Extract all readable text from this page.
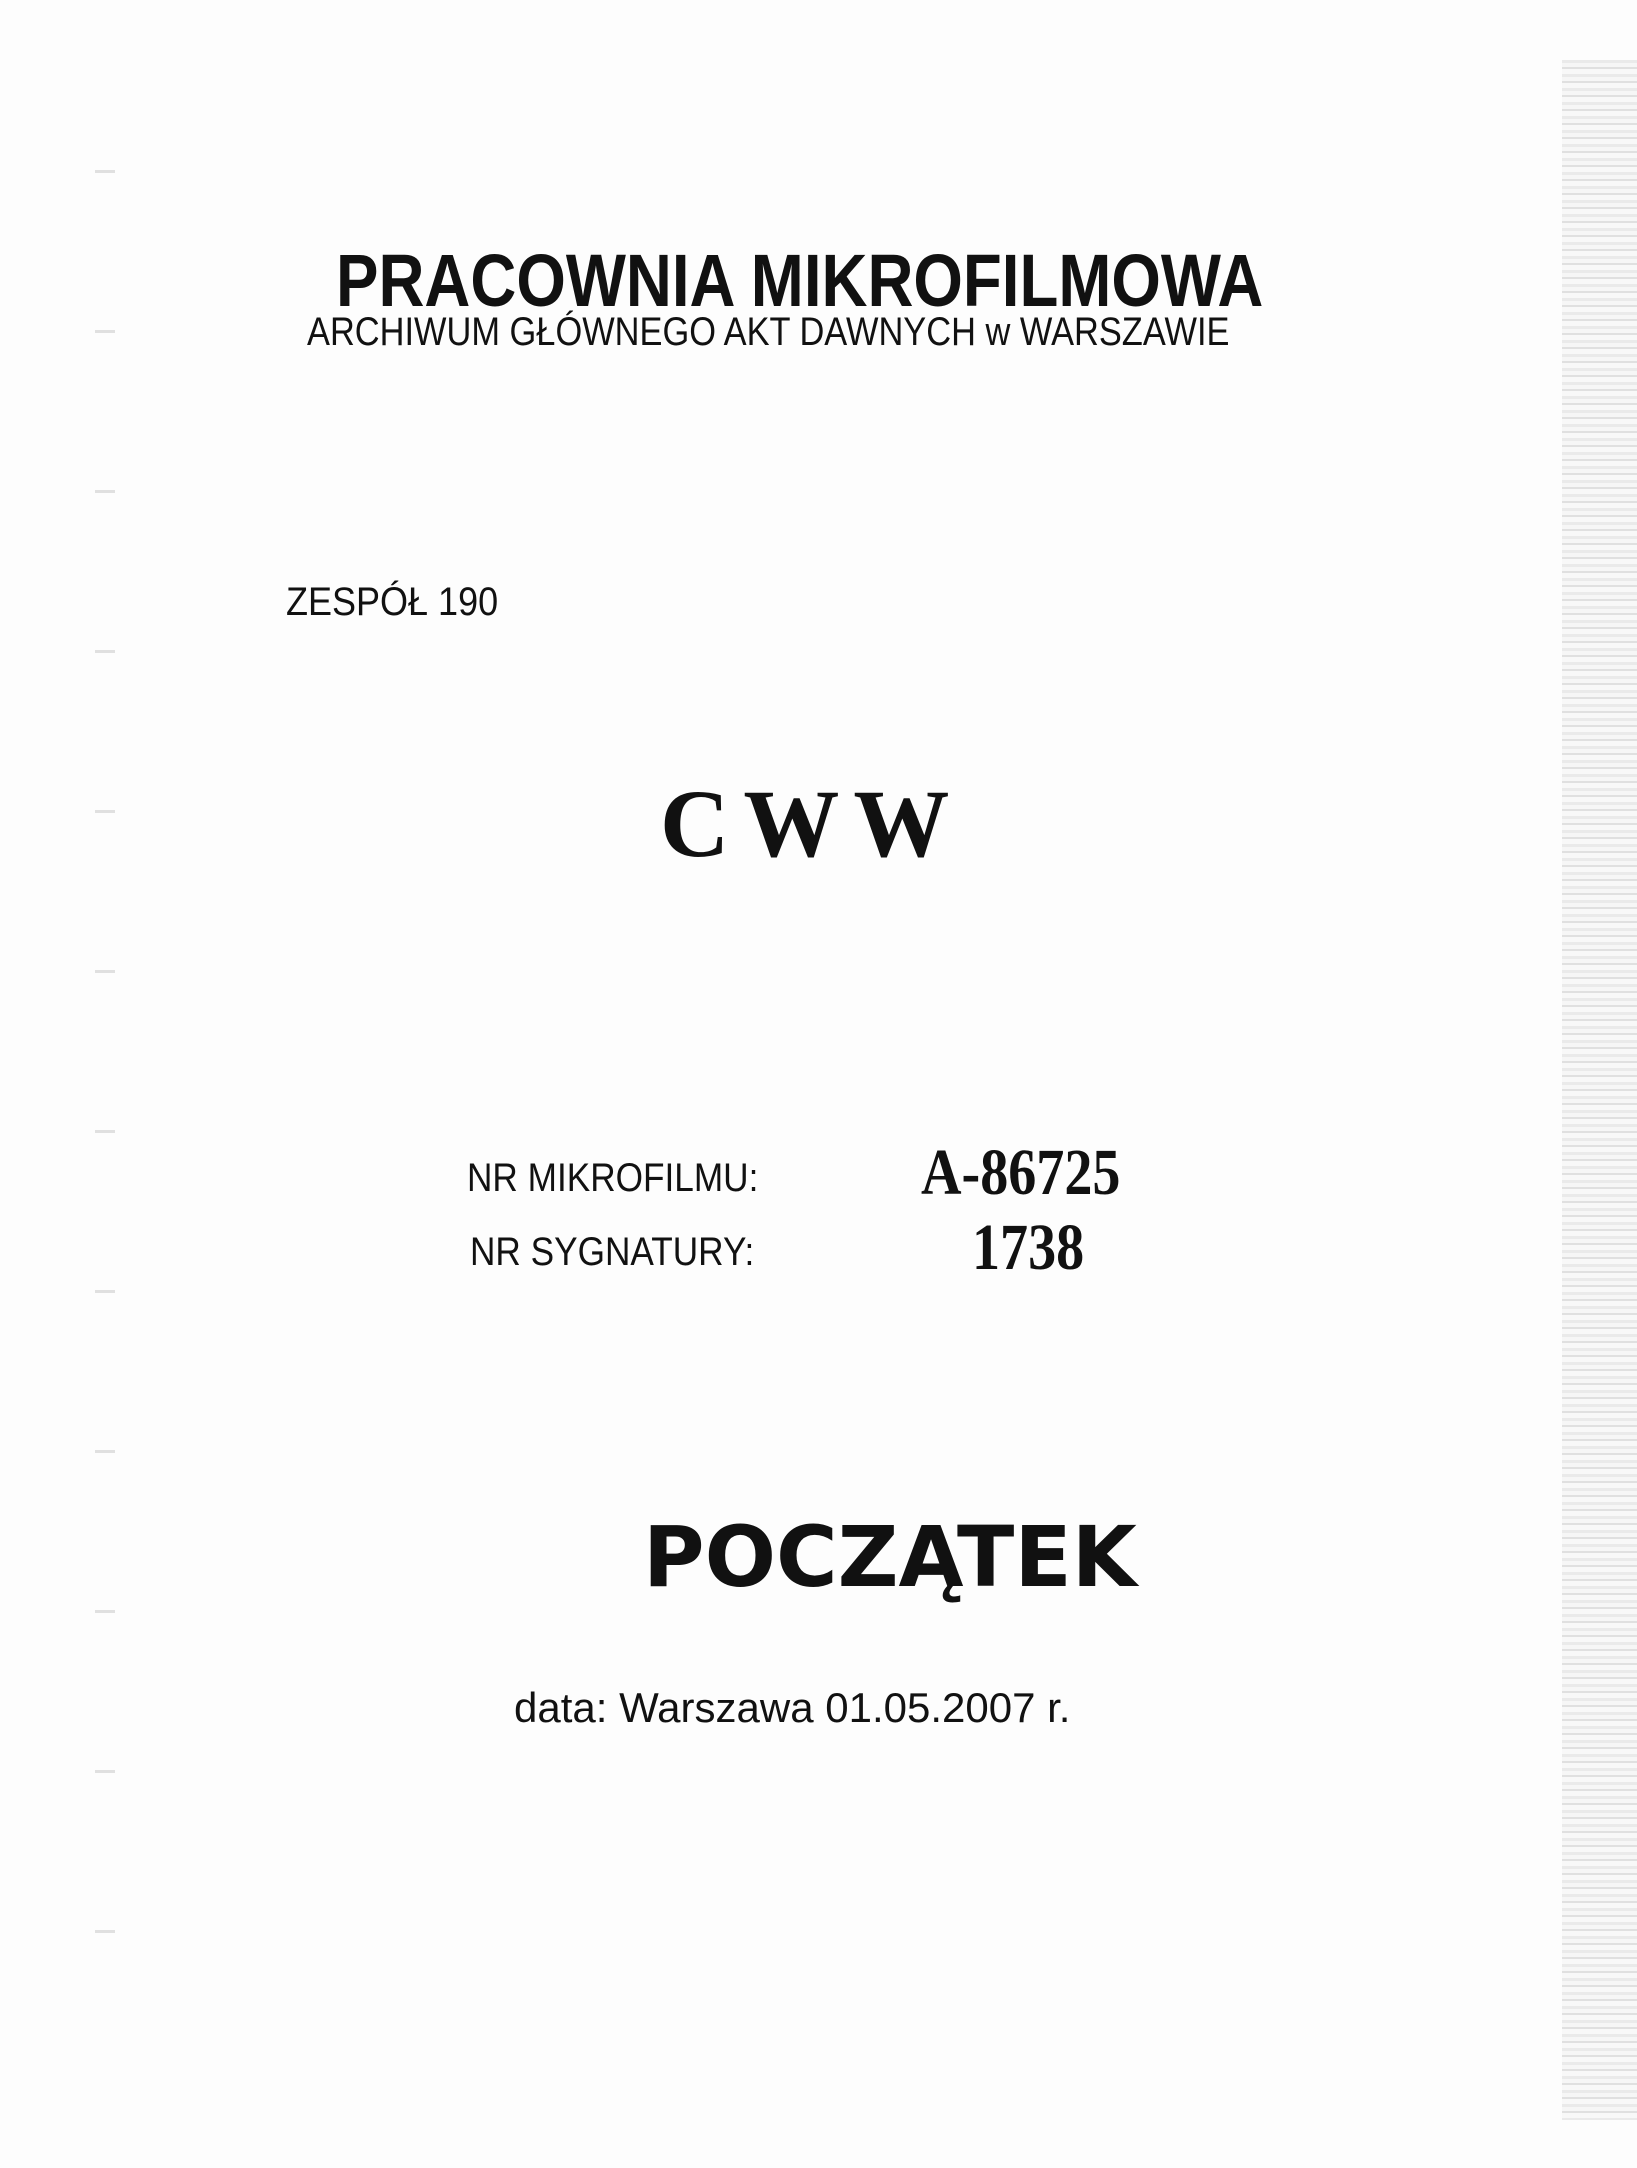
PRACOWNIA MIKROFILMOWA
ARCHIWUM GŁÓWNEGO AKT DAWNYCH w WARSZAWIE
ZESPÓŁ 190
CWW
NR MIKROFILMU: A-86725
NR SYGNATURY:	1738
POCZĄTEK
data: Warszawa 01.05.2007 r.
